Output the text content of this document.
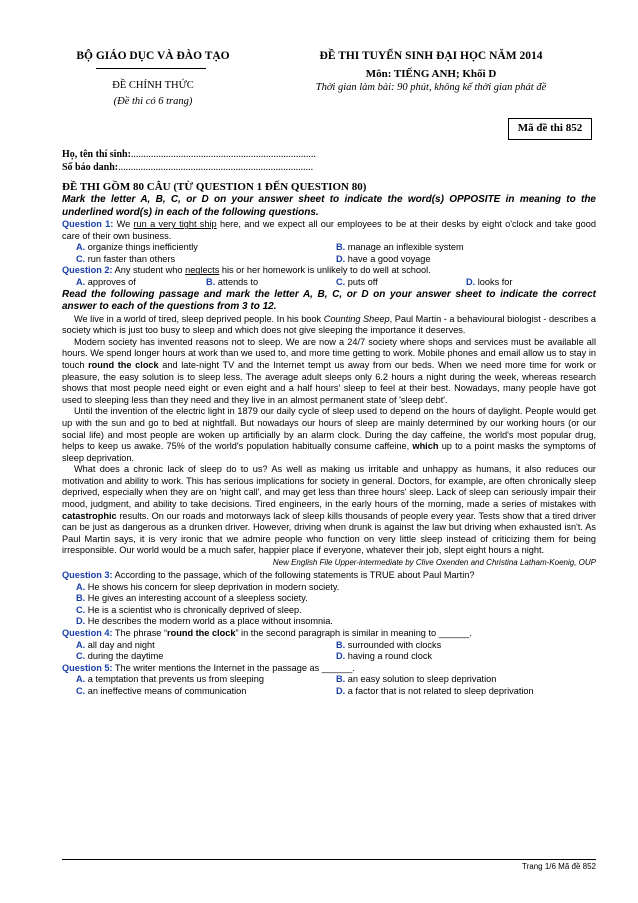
BỘ GIÁO DỤC VÀ ĐÀO TẠO
ĐỀ CHÍNH THỨC
(Đề thi có 6 trang)
ĐỀ THI TUYỂN SINH ĐẠI HỌC NĂM 2014
Môn: TIẾNG ANH; Khối D
Thời gian làm bài: 90 phút, không kể thời gian phát đề
Mã đề thi 852
Họ, tên thí sinh:..........................................................................
Số báo danh:..............................................................................
ĐỀ THI GỒM 80 CÂU (TỪ QUESTION 1 ĐẾN QUESTION 80)
Mark the letter A, B, C, or D on your answer sheet to indicate the word(s) OPPOSITE in meaning to the underlined word(s) in each of the following questions.

Question 1: We run a very tight ship here, and we expect all our employees to be at their desks by eight o'clock and take good care of their own business.

A. organize things inefficiently	B. manage an inflexible system
C. run faster than others	D. have a good voyage

Question 2: Any student who neglects his or her homework is unlikely to do well at school.

A. approves of	B. attends to	C. puts off	D. looks for
Read the following passage and mark the letter A, B, C, or D on your answer sheet to indicate the correct answer to each of the questions from 3 to 12.

We live in a world of tired, sleep deprived people. In his book Counting Sheep, Paul Martin - a behavioural biologist - describes a society which is just too busy to sleep and which does not give sleeping the importance it deserves.

Modern society has invented reasons not to sleep. We are now a 24/7 society where shops and services must be available all hours. We spend longer hours at work than we used to, and more time getting to work. Mobile phones and email allow us to stay in touch round the clock and late-night TV and the Internet tempt us away from our beds. When we need more time for work or pleasure, the easy solution is to sleep less. The average adult sleeps only 6.2 hours a night during the week, whereas research shows that most people need eight or even eight and a half hours' sleep to feel at their best. Nowadays, many people have got used to sleeping less than they need and they live in an almost permanent state of 'sleep debt'.

Until the invention of the electric light in 1879 our daily cycle of sleep used to depend on the hours of daylight. People would get up with the sun and go to bed at nightfall. But nowadays our hours of sleep are mainly determined by our working hours (or our social life) and most people are woken up artificially by an alarm clock. During the day caffeine, the world's most popular drug, helps to keep us awake. 75% of the world's population habitually consume caffeine, which up to a point masks the symptoms of sleep deprivation.

What does a chronic lack of sleep do to us? As well as making us irritable and unhappy as humans, it also reduces our motivation and ability to work. This has serious implications for society in general. Doctors, for example, are often chronically sleep deprived, especially when they are on 'night call', and may get less than three hours' sleep. Lack of sleep can seriously impair their mood, judgment, and ability to take decisions. Tired engineers, in the early hours of the morning, made a series of mistakes with catastrophic results. On our roads and motorways lack of sleep kills thousands of people every year. Tests show that a tired driver can be just as dangerous as a drunken driver. However, driving when drunk is against the law but driving when exhausted isn't. As Paul Martin says, it is very ironic that we admire people who function on very little sleep instead of criticizing them for being irresponsible. Our world would be a much safer, happier place if everyone, whatever their job, slept eight hours a night.

New English File Upper-intermediate by Clive Oxenden and Christina Latham-Koenig, OUP

Question 3: According to the passage, which of the following statements is TRUE about Paul Martin?

A. He shows his concern for sleep deprivation in modern society.
B. He gives an interesting account of a sleepless society.
C. He is a scientist who is chronically deprived of sleep.
D. He describes the modern world as a place without insomnia.

Question 4: The phrase “round the clock” in the second paragraph is similar in meaning to ______.

A. all day and night	B. surrounded with clocks
C. during the daytime	D. having a round clock

Question 5: The writer mentions the Internet in the passage as ______.

A. a temptation that prevents us from sleeping	B. an easy solution to sleep deprivation
C. an ineffective means of communication	D. a factor that is not related to sleep deprivation
Trang 1/6 Mã đề 852
